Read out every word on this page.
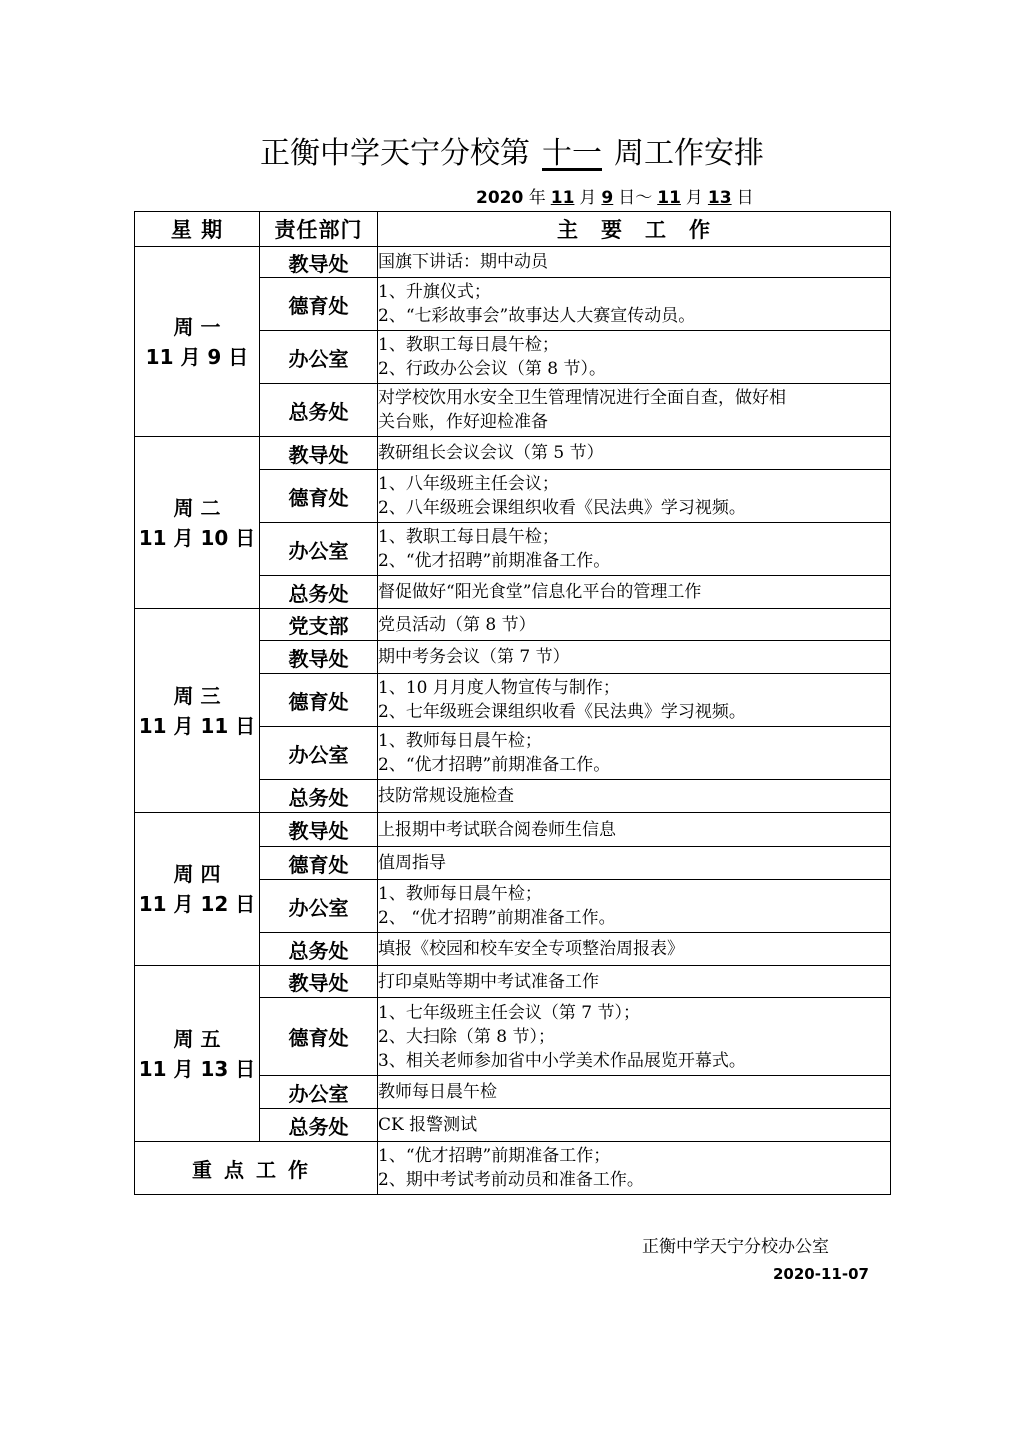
正衡中学天宁分校第 十一 周工作安排
2020 年 11 月 9 日～ 11 月 13 日
星 期	责任部门	主　要　工　作

周 一
11 月 9 日	教导处	国旗下讲话：期中动员

	德育处	1、升旗仪式；
2、“七彩故事会”故事达人大赛宣传动员。

	办公室	1、教职工每日晨午检；
2、行政办公会议（第 8 节）。

	总务处	对学校饮用水安全卫生管理情况进行全面自查，做好相
关台账，作好迎检准备

周 二
11 月 10 日	教导处	教研组长会议会议（第 5 节）

	德育处	1、八年级班主任会议；
2、八年级班会课组织收看《民法典》学习视频。

	办公室	1、教职工每日晨午检；
2、“优才招聘”前期准备工作。

	总务处	督促做好“阳光食堂”信息化平台的管理工作

周 三
11 月 11 日	党支部	党员活动（第 8 节）

	教导处	期中考务会议（第 7 节）

	德育处	1、10 月月度人物宣传与制作；
2、七年级班会课组织收看《民法典》学习视频。

	办公室	1、教师每日晨午检；
2、“优才招聘”前期准备工作。

	总务处	技防常规设施检查

周 四
11 月 12 日	教导处	上报期中考试联合阅卷师生信息

	德育处	值周指导

	办公室	1、教师每日晨午检；
2、 “优才招聘”前期准备工作。

	总务处	填报《校园和校车安全专项整治周报表》

周 五
11 月 13 日	教导处	打印桌贴等期中考试准备工作

	德育处	1、七年级班主任会议（第 7 节）；
2、大扫除（第 8 节）；
3、相关老师参加省中小学美术作品展览开幕式。

	办公室	教师每日晨午检

	总务处	CK 报警测试

重点工作		1、“优才招聘”前期准备工作；
2、期中考试考前动员和准备工作。
正衡中学天宁分校办公室
2020-11-07
